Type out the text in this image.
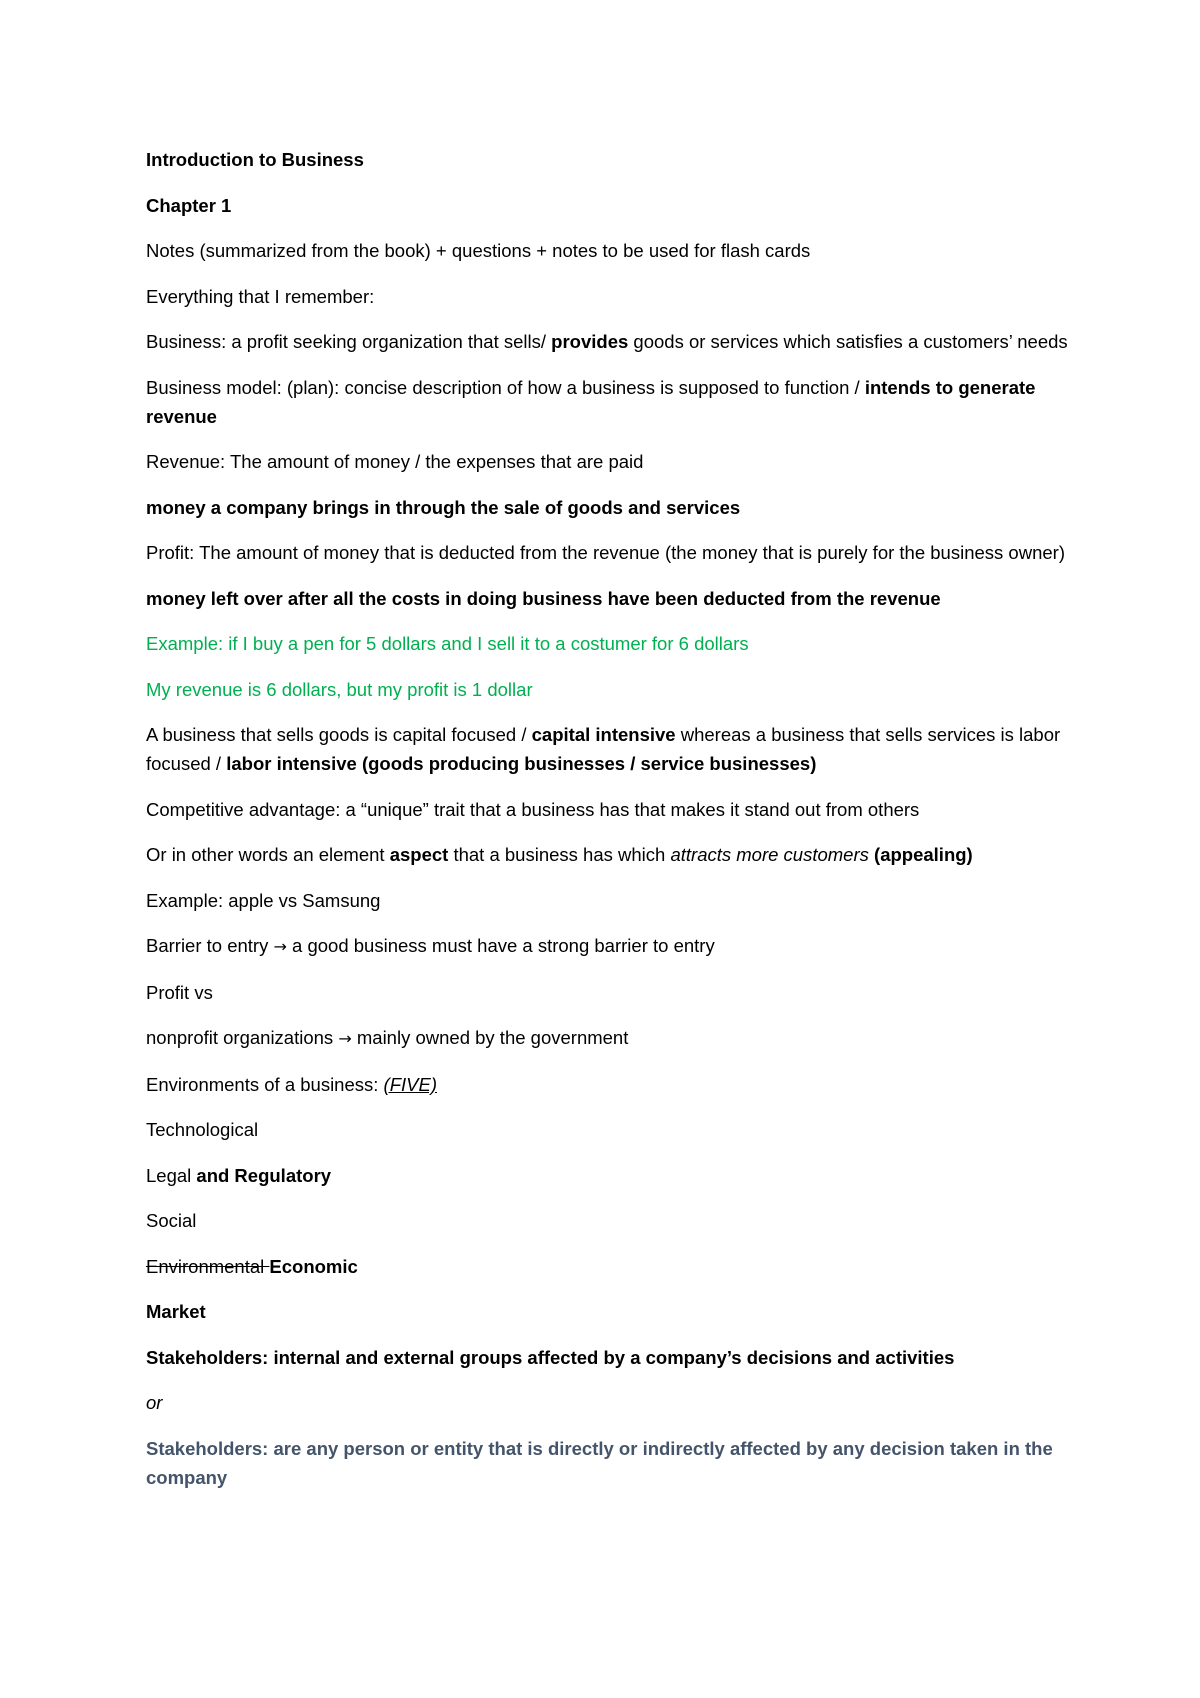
Introduction to Business

Chapter 1

Notes (summarized from the book) + questions + notes to be used for flash cards

Everything that I remember:

Business: a profit seeking organization that sells/ provides goods or services which satisfies a customers’ needs

Business model: (plan): concise description of how a business is supposed to function / intends to generate revenue

Revenue: The amount of money / the expenses that are paid

money a company brings in through the sale of goods and services

Profit: The amount of money that is deducted from the revenue (the money that is purely for the business owner)

money left over after all the costs in doing business have been deducted from the revenue

Example: if I buy a pen for 5 dollars and I sell it to a costumer for 6 dollars

My revenue is 6 dollars, but my profit is 1 dollar

A business that sells goods is capital focused / capital intensive whereas a business that sells services is labor focused / labor intensive (goods producing businesses / service businesses)

Competitive advantage: a “unique” trait that a business has that makes it stand out from others

Or in other words an element aspect that a business has which attracts more customers (appealing)

Example: apple vs Samsung

Barrier to entry → a good business must have a strong barrier to entry

Profit vs

nonprofit organizations → mainly owned by the government

Environments of a business: (FIVE)

Technological

Legal and Regulatory

Social

Environmental Economic

Market

Stakeholders: internal and external groups affected by a company’s decisions and activities

or

Stakeholders: are any person or entity that is directly or indirectly affected by any decision taken in the company
